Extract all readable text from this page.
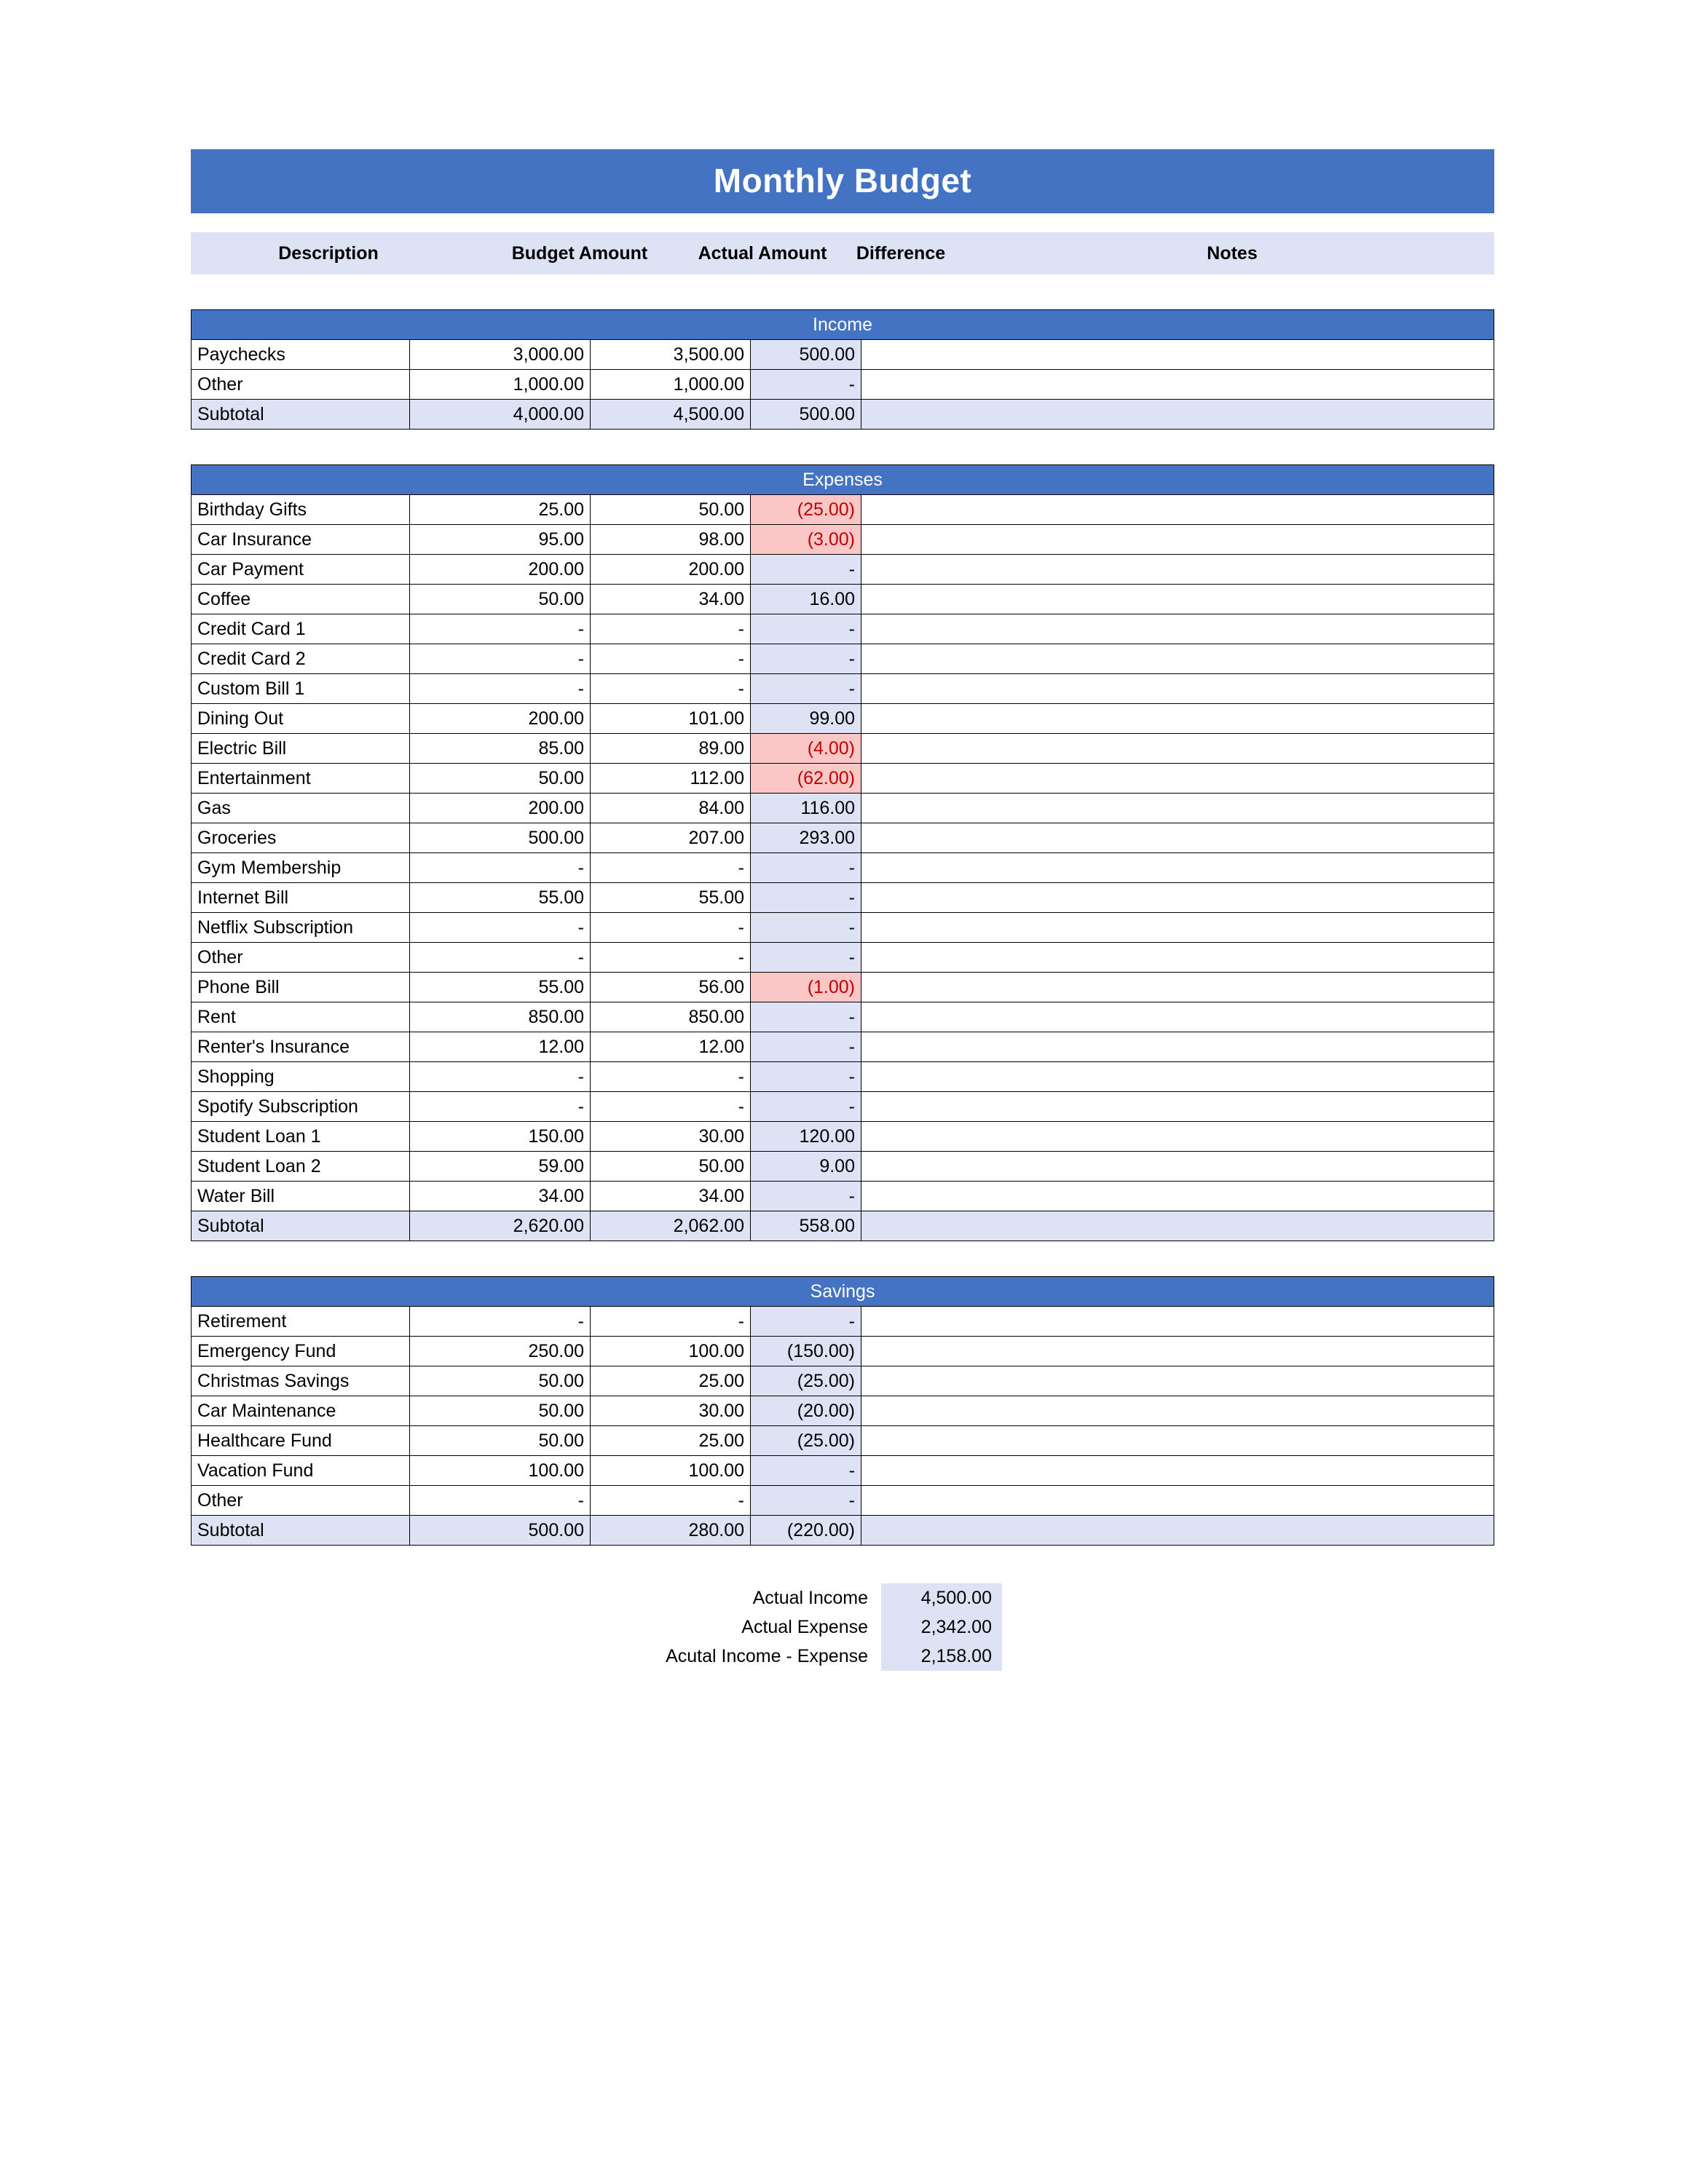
Monthly Budget
Description	Budget Amount	Actual Amount	Difference	Notes
Income				
Paychecks	3,000.00	3,500.00	500.00	
Other	1,000.00	1,000.00	-	
Subtotal	4,000.00	4,500.00	500.00	
Expenses				
Birthday Gifts	25.00	50.00	(25.00)	
Car Insurance	95.00	98.00	(3.00)	
Car Payment	200.00	200.00	-	
Coffee	50.00	34.00	16.00	
Credit Card 1	-	-	-	
Credit Card 2	-	-	-	
Custom Bill 1	-	-	-	
Dining Out	200.00	101.00	99.00	
Electric Bill	85.00	89.00	(4.00)	
Entertainment	50.00	112.00	(62.00)	
Gas	200.00	84.00	116.00	
Groceries	500.00	207.00	293.00	
Gym Membership	-	-	-	
Internet Bill	55.00	55.00	-	
Netflix Subscription	-	-	-	
Other	-	-	-	
Phone Bill	55.00	56.00	(1.00)	
Rent	850.00	850.00	-	
Renter's Insurance	12.00	12.00	-	
Shopping	-	-	-	
Spotify Subscription	-	-	-	
Student Loan 1	150.00	30.00	120.00	
Student Loan 2	59.00	50.00	9.00	
Water Bill	34.00	34.00	-	
Subtotal	2,620.00	2,062.00	558.00	
Savings				
Retirement	-	-	-	
Emergency Fund	250.00	100.00	(150.00)	
Christmas Savings	50.00	25.00	(25.00)	
Car Maintenance	50.00	30.00	(20.00)	
Healthcare Fund	50.00	25.00	(25.00)	
Vacation Fund	100.00	100.00	-	
Other	-	-	-	
Subtotal	500.00	280.00	(220.00)	
Actual Income	4,500.00
Actual Expense	2,342.00
Acutal Income - Expense	2,158.00
